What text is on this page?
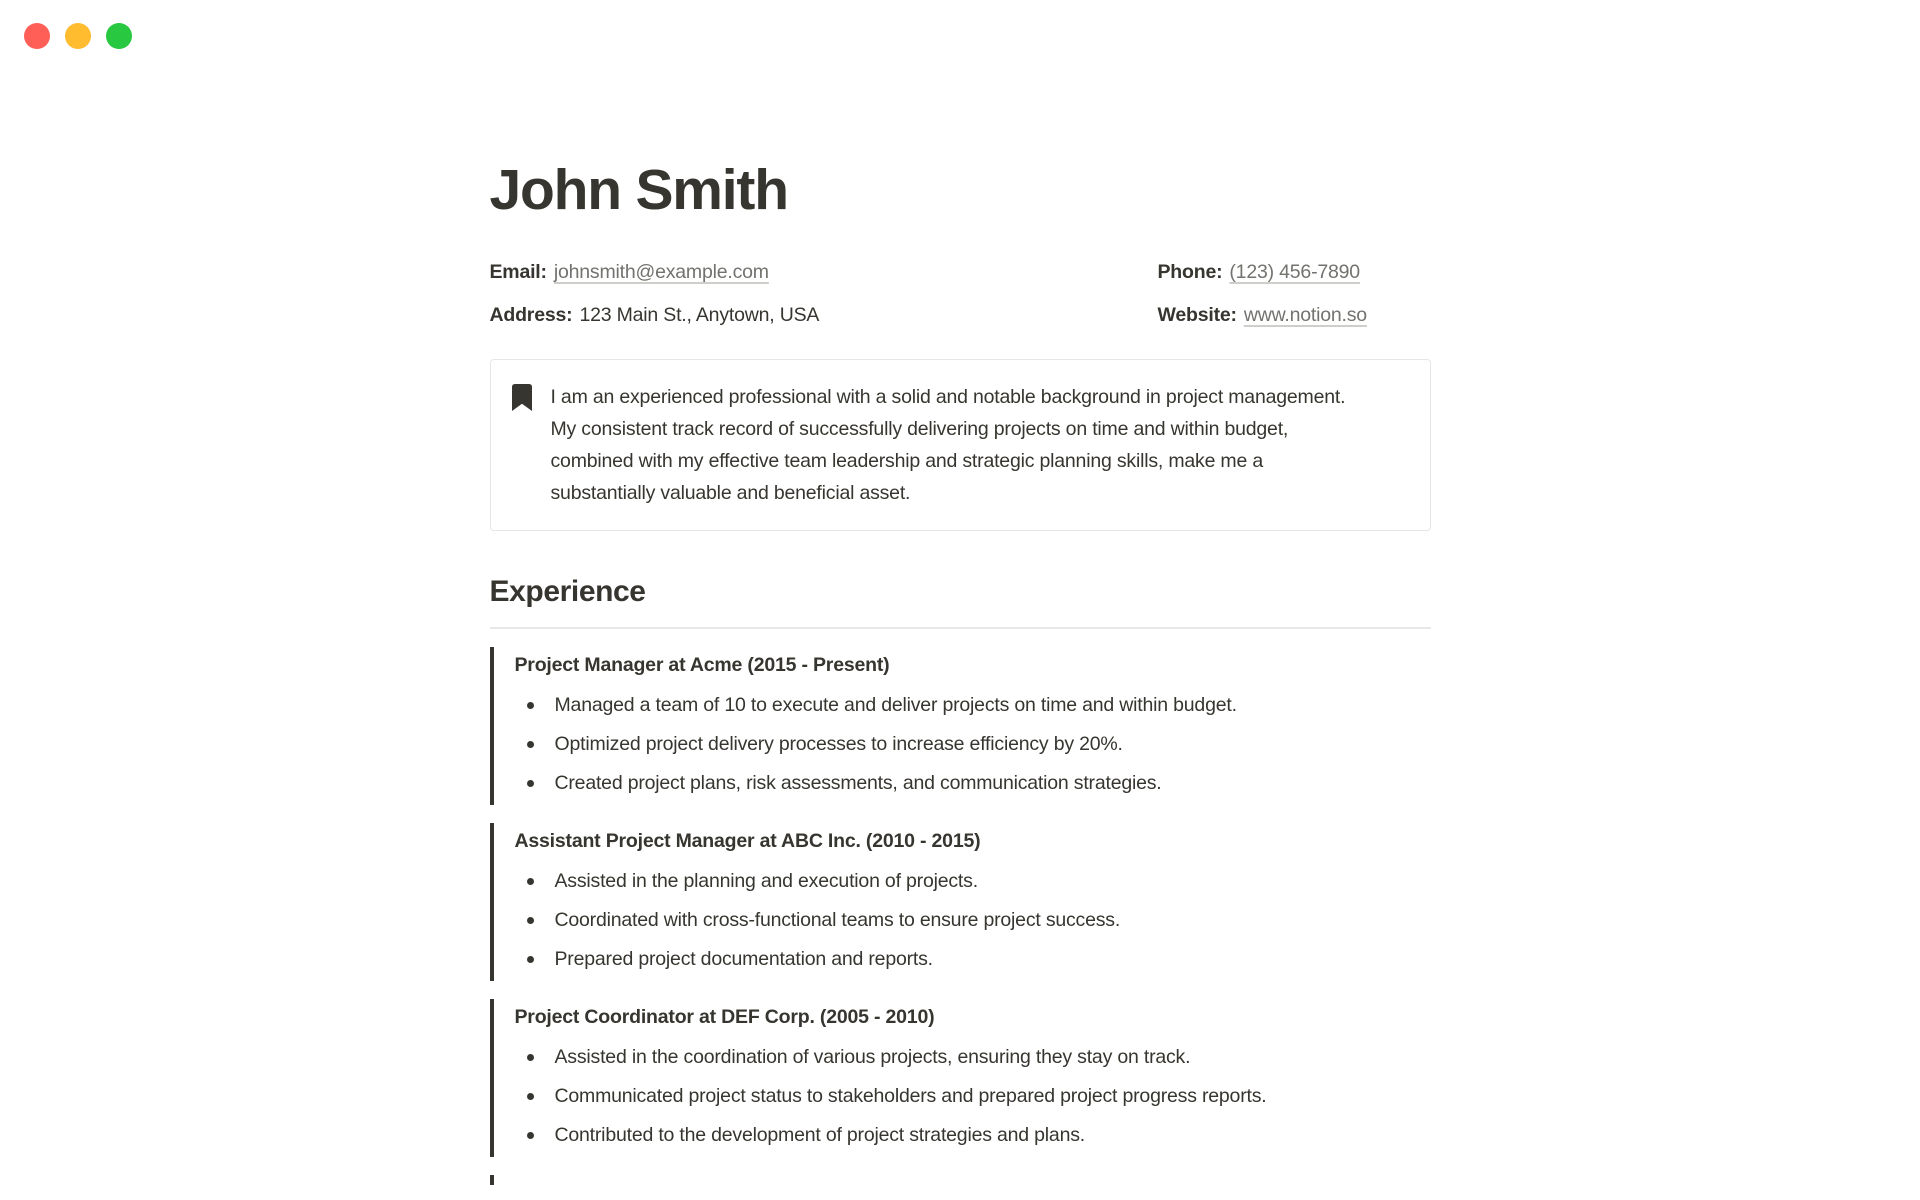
John Smith
Email: johnsmith@example.com	Phone: (123) 456-7890
Address: 123 Main St., Anytown, USA	Website: www.notion.so

I am an experienced professional with a solid and notable background in project management. My consistent track record of successfully delivering projects on time and within budget, combined with my effective team leadership and strategic planning skills, make me a substantially valuable and beneficial asset.

Experience
Project Manager at Acme (2015 - Present)
Managed a team of 10 to execute and deliver projects on time and within budget.
Optimized project delivery processes to increase efficiency by 20%.
Created project plans, risk assessments, and communication strategies.
Assistant Project Manager at ABC Inc. (2010 - 2015)
Assisted in the planning and execution of projects.
Coordinated with cross-functional teams to ensure project success.
Prepared project documentation and reports.
Project Coordinator at DEF Corp. (2005 - 2010)
Assisted in the coordination of various projects, ensuring they stay on track.
Communicated project status to stakeholders and prepared project progress reports.
Contributed to the development of project strategies and plans.
